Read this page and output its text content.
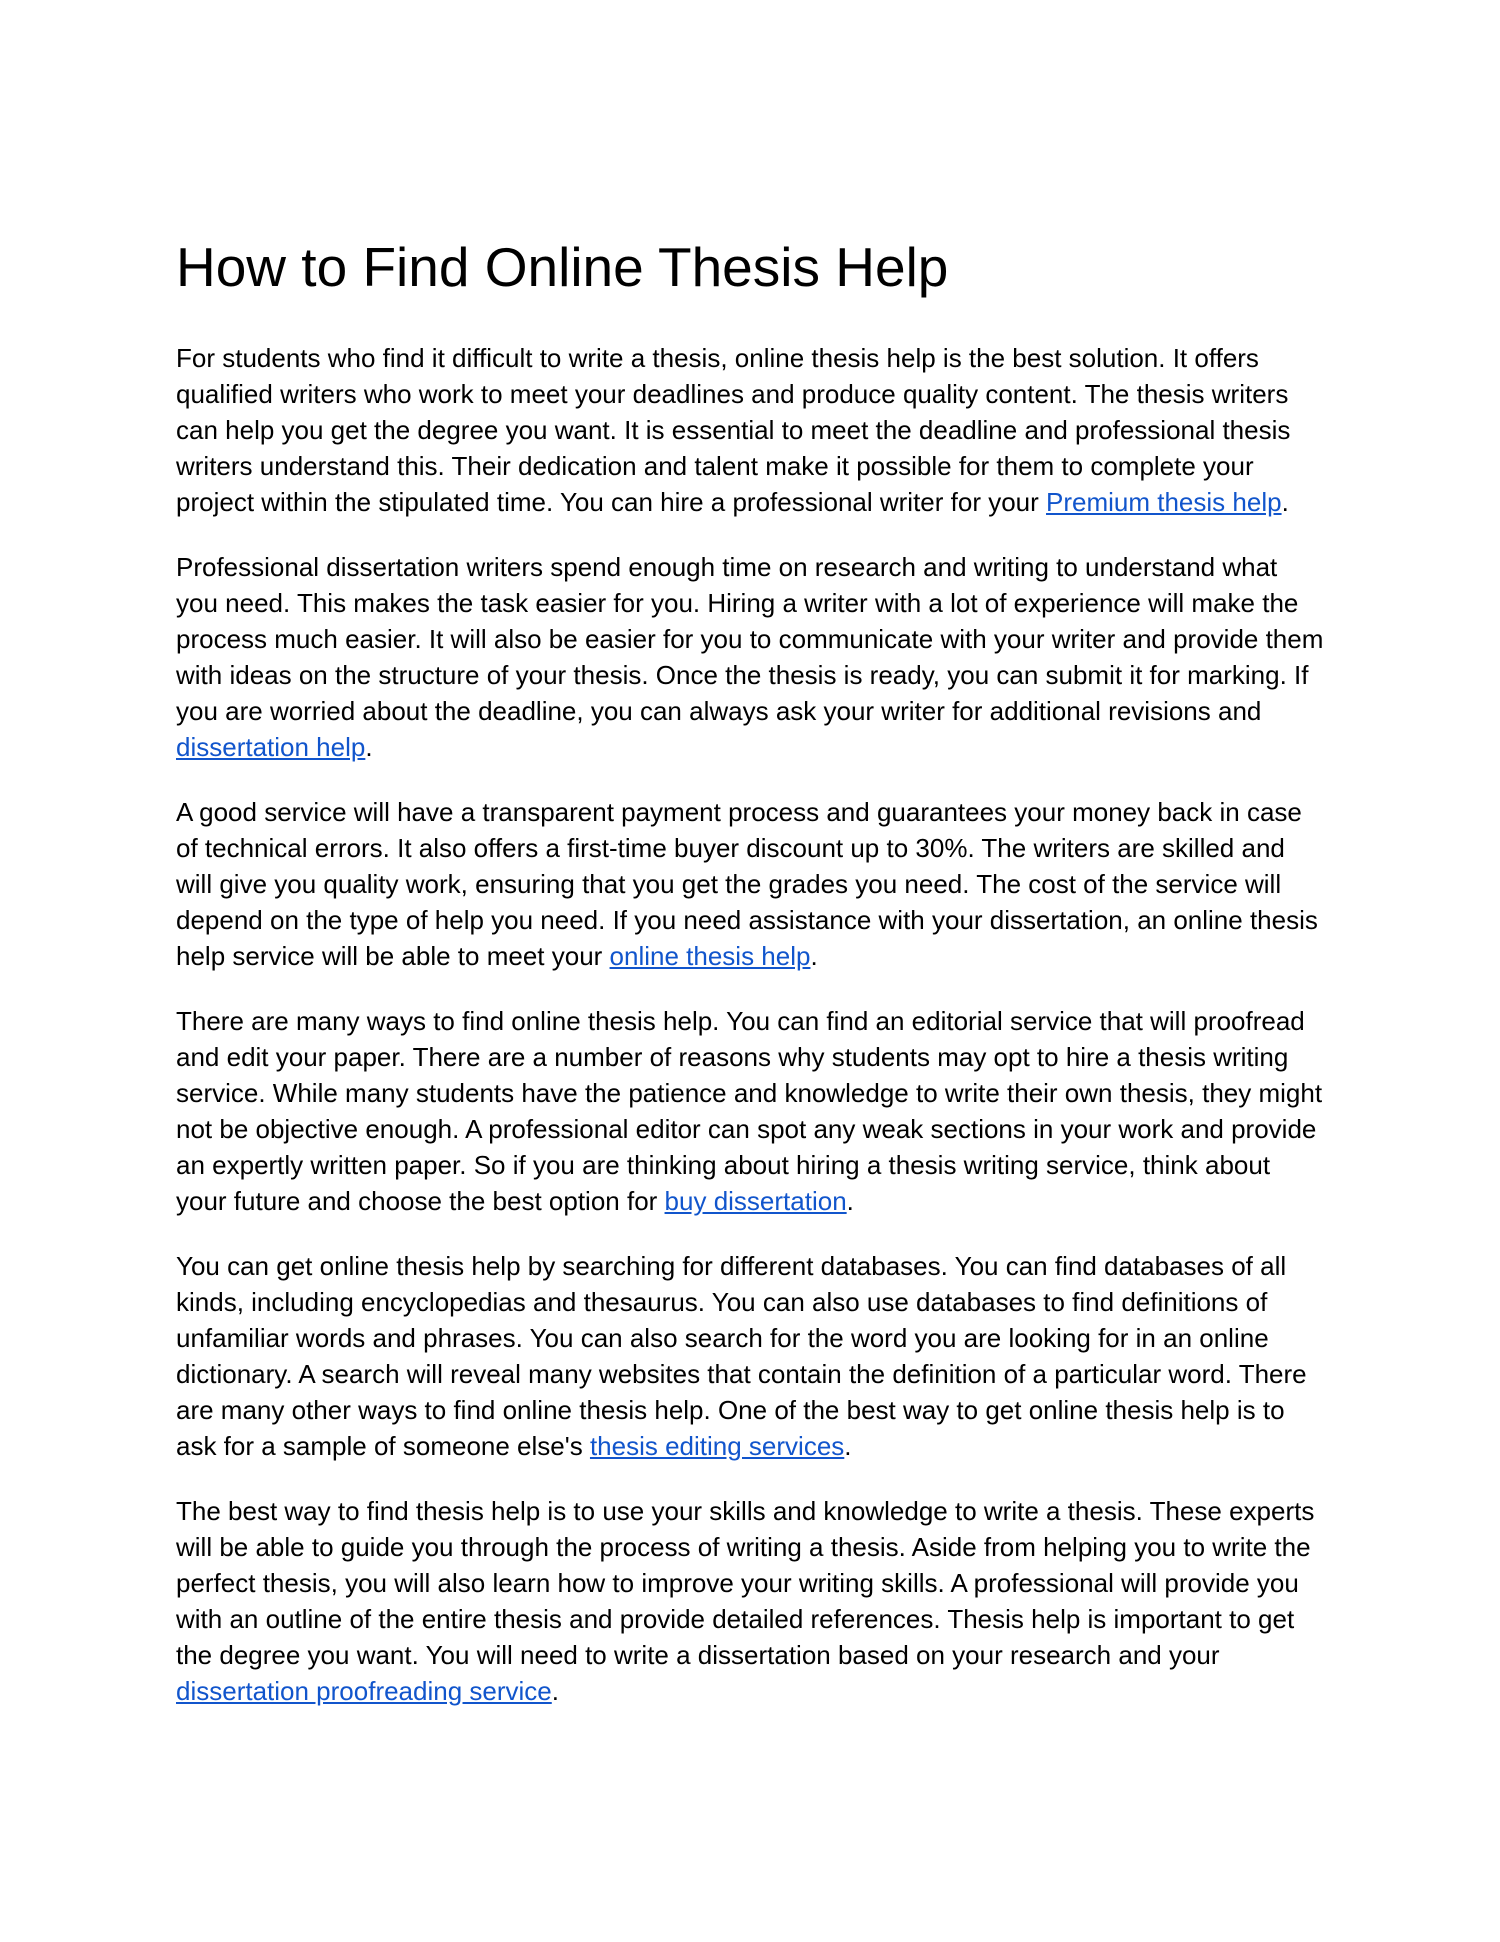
How to Find Online Thesis Help

For students who find it difficult to write a thesis, online thesis help is the best solution. It offers qualified writers who work to meet your deadlines and produce quality content. The thesis writers can help you get the degree you want. It is essential to meet the deadline and professional thesis writers understand this. Their dedication and talent make it possible for them to complete your project within the stipulated time. You can hire a professional writer for your Premium thesis help.

Professional dissertation writers spend enough time on research and writing to understand what you need. This makes the task easier for you. Hiring a writer with a lot of experience will make the process much easier. It will also be easier for you to communicate with your writer and provide them with ideas on the structure of your thesis. Once the thesis is ready, you can submit it for marking. If you are worried about the deadline, you can always ask your writer for additional revisions and dissertation help.

A good service will have a transparent payment process and guarantees your money back in case of technical errors. It also offers a first-time buyer discount up to 30%. The writers are skilled and will give you quality work, ensuring that you get the grades you need. The cost of the service will depend on the type of help you need. If you need assistance with your dissertation, an online thesis help service will be able to meet your online thesis help.

There are many ways to find online thesis help. You can find an editorial service that will proofread and edit your paper. There are a number of reasons why students may opt to hire a thesis writing service. While many students have the patience and knowledge to write their own thesis, they might not be objective enough. A professional editor can spot any weak sections in your work and provide an expertly written paper. So if you are thinking about hiring a thesis writing service, think about your future and choose the best option for buy dissertation.

You can get online thesis help by searching for different databases. You can find databases of all kinds, including encyclopedias and thesaurus. You can also use databases to find definitions of unfamiliar words and phrases. You can also search for the word you are looking for in an online dictionary. A search will reveal many websites that contain the definition of a particular word. There are many other ways to find online thesis help. One of the best way to get online thesis help is to ask for a sample of someone else's thesis editing services.

The best way to find thesis help is to use your skills and knowledge to write a thesis. These experts will be able to guide you through the process of writing a thesis. Aside from helping you to write the perfect thesis, you will also learn how to improve your writing skills. A professional will provide you with an outline of the entire thesis and provide detailed references. Thesis help is important to get the degree you want. You will need to write a dissertation based on your research and your dissertation proofreading service.
